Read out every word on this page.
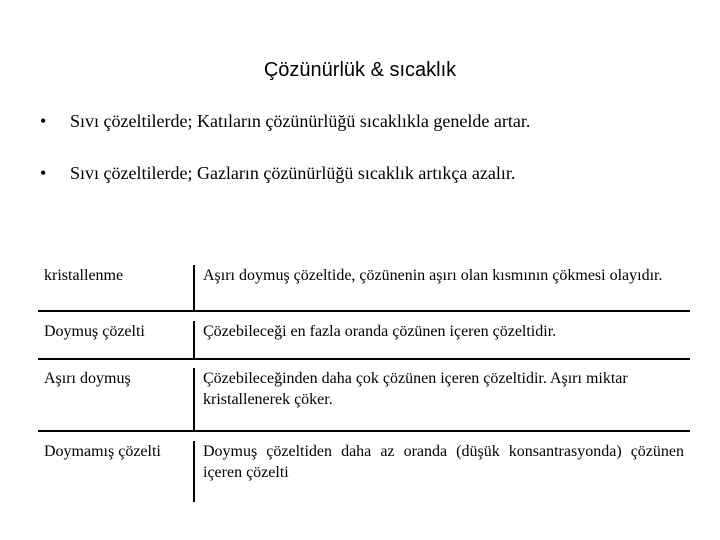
Çözünürlük & sıcaklık
• Sıvı çözeltilerde; Katıların çözünürlüğü sıcaklıkla genelde artar.
• Sıvı çözeltilerde; Gazların çözünürlüğü sıcaklık artıkça azalır.
kristallenme	Aşırı doymuş çözeltide, çözünenin aşırı olan kısmının çökmesi olayıdır.
Doymuş çözelti	Çözebileceği en fazla oranda çözünen içeren çözeltidir.
Aşırı doymuş	Çözebileceğinden daha çok çözünen içeren çözeltidir. Aşırı miktar kristallenerek çöker.
Doymamış çözelti	Doymuş çözeltiden daha az oranda (düşük konsantrasyonda) çözünen içeren çözelti
